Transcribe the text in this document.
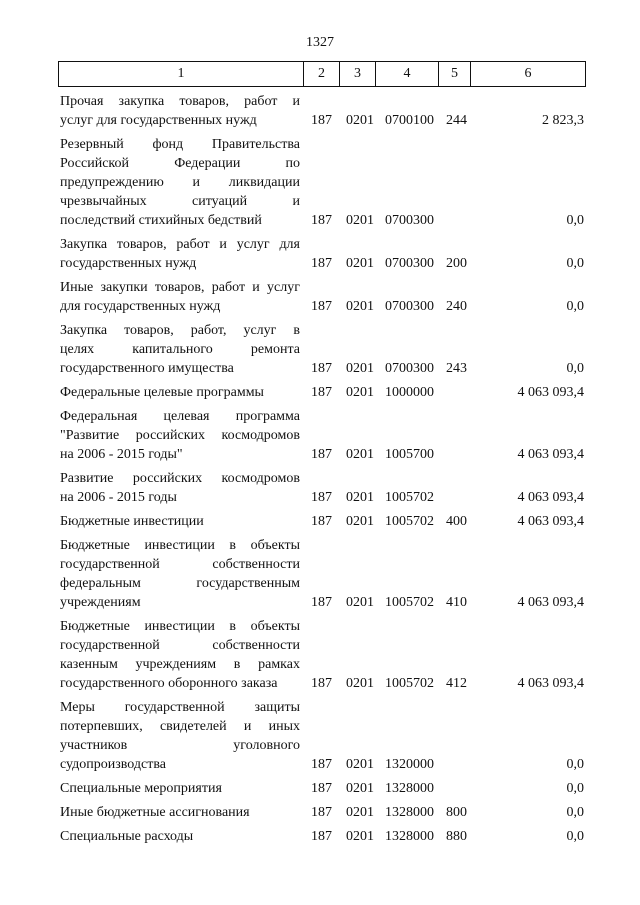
1327
1	2	3	4	5	6
Прочая закупка товаров, работ и
услуг для государственных нужд	187 0201 0700100 244	2 823,3
Резервный фонд Правительства
Российской Федерации по
предупреждению и ликвидации
чрезвычайных ситуаций и
последствий стихийных бедствий	187 0201 0700300	0,0
Закупка товаров, работ и услуг для
государственных нужд	187 0201 0700300 200	0,0
Иные закупки товаров, работ и услуг
для государственных нужд	187 0201 0700300 240	0,0
Закупка товаров, работ, услуг в
целях капитального ремонта
государственного имущества	187 0201 0700300 243	0,0
Федеральные целевые программы	187 0201 1000000	4 063 093,4
Федеральная целевая программа
"Развитие российских космодромов
на 2006 - 2015 годы"	187 0201 1005700	4 063 093,4
Развитие российских космодромов
на 2006 - 2015 годы	187 0201 1005702	4 063 093,4
Бюджетные инвестиции	187 0201 1005702 400	4 063 093,4
Бюджетные инвестиции в объекты
государственной собственности
федеральным государственным
учреждениям	187 0201 1005702 410	4 063 093,4
Бюджетные инвестиции в объекты
государственной собственности
казенным учреждениям в рамках
государственного оборонного заказа	187 0201 1005702 412	4 063 093,4
Меры государственной защиты
потерпевших, свидетелей и иных
участников уголовного
судопроизводства	187 0201 1320000	0,0
Специальные мероприятия	187 0201 1328000	0,0
Иные бюджетные ассигнования	187 0201 1328000 800	0,0
Специальные расходы	187 0201 1328000 880	0,0
